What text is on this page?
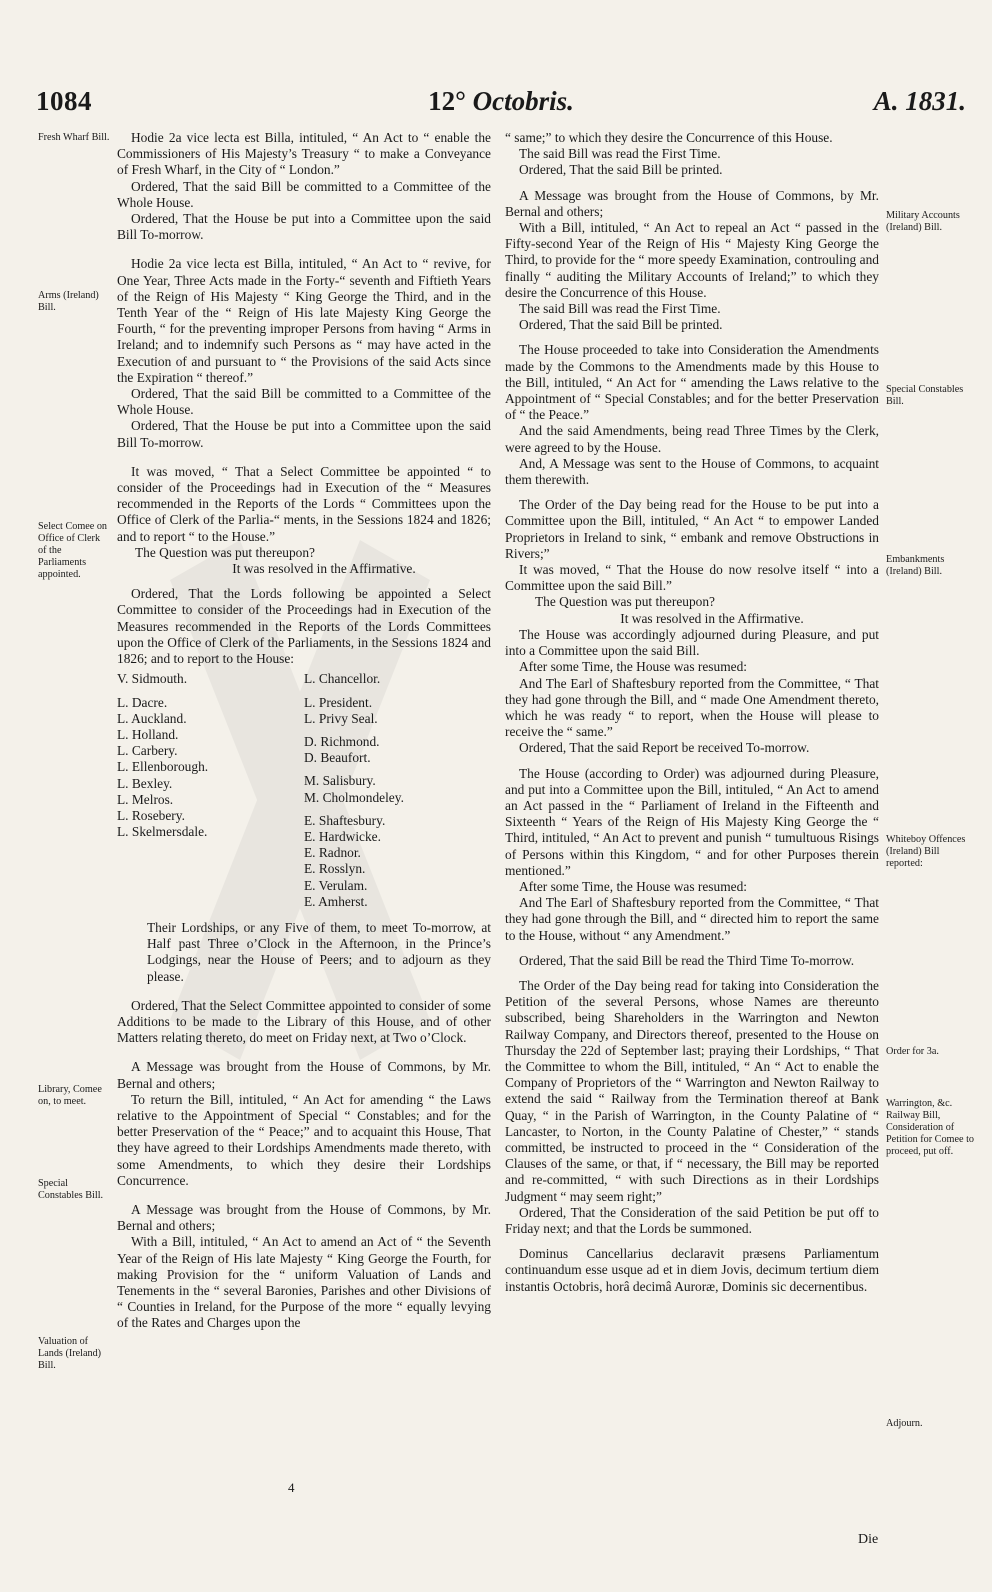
1084	12° Octobris.	A. 1831.
Fresh Wharf Bill.
Arms (Ireland) Bill.
Select Comee on Office of Clerk of the Parliaments appointed.
Library, Comee on, to meet.
Special Constables Bill.
Valuation of Lands (Ireland) Bill.
Military Accounts (Ireland) Bill.
Special Constables Bill.
Embankments (Ireland) Bill.
Whiteboy Offences (Ireland) Bill reported:
Order for 3a.
Warrington, &c. Railway Bill, Consideration of Petition for Comee to proceed, put off.
Adjourn.

Hodie 2a vice lecta est Billa, intituled, “ An Act to “ enable the Commissioners of His Majesty’s Treasury “ to make a Conveyance of Fresh Wharf, in the City of “ London.”

Ordered, That the said Bill be committed to a Committee of the Whole House.

Ordered, That the House be put into a Committee upon the said Bill To-morrow.

Hodie 2a vice lecta est Billa, intituled, “ An Act to “ revive, for One Year, Three Acts made in the Forty-“ seventh and Fiftieth Years of the Reign of His Majesty “ King George the Third, and in the Tenth Year of the “ Reign of His late Majesty King George the Fourth, “ for the preventing improper Persons from having “ Arms in Ireland; and to indemnify such Persons as “ may have acted in the Execution of and pursuant to “ the Provisions of the said Acts since the Expiration “ thereof.”

Ordered, That the said Bill be committed to a Committee of the Whole House.

Ordered, That the House be put into a Committee upon the said Bill To-morrow.

It was moved, “ That a Select Committee be appointed “ to consider of the Proceedings had in Execution of the “ Measures recommended in the Reports of the Lords “ Committees upon the Office of Clerk of the Parlia-“ ments, in the Sessions 1824 and 1826; and to report “ to the House.”

The Question was put thereupon?

It was resolved in the Affirmative.

Ordered, That the Lords following be appointed a Select Committee to consider of the Proceedings had in Execution of the Measures recommended in the Reports of the Lords Committees upon the Office of Clerk of the Parliaments, in the Sessions 1824 and 1826; and to report to the House:

V. Sidmouth.
L. Dacre.
L. Auckland.
L. Holland.
L. Carbery.
L. Ellenborough.
L. Bexley.
L. Melros.
L. Rosebery.
L. Skelmersdale.
L. Chancellor.
L. President.
L. Privy Seal.
D. Richmond.
D. Beaufort.
M. Salisbury.
M. Cholmondeley.
E. Shaftesbury.
E. Hardwicke.
E. Radnor.
E. Rosslyn.
E. Verulam.
E. Amherst.

Their Lordships, or any Five of them, to meet To-morrow, at Half past Three o’Clock in the Afternoon, in the Prince’s Lodgings, near the House of Peers; and to adjourn as they please.

Ordered, That the Select Committee appointed to consider of some Additions to be made to the Library of this House, and of other Matters relating thereto, do meet on Friday next, at Two o’Clock.

A Message was brought from the House of Commons, by Mr. Bernal and others;

To return the Bill, intituled, “ An Act for amending “ the Laws relative to the Appointment of Special “ Constables; and for the better Preservation of the “ Peace;” and to acquaint this House, That they have agreed to their Lordships Amendments made thereto, with some Amendments, to which they desire their Lordships Concurrence.

A Message was brought from the House of Commons, by Mr. Bernal and others;

With a Bill, intituled, “ An Act to amend an Act of “ the Seventh Year of the Reign of His late Majesty “ King George the Fourth, for making Provision for the “ uniform Valuation of Lands and Tenements in the “ several Baronies, Parishes and other Divisions of “ Counties in Ireland, for the Purpose of the more “ equally levying of the Rates and Charges upon the

“ same;” to which they desire the Concurrence of this House.

The said Bill was read the First Time.

Ordered, That the said Bill be printed.

A Message was brought from the House of Commons, by Mr. Bernal and others;

With a Bill, intituled, “ An Act to repeal an Act “ passed in the Fifty-second Year of the Reign of His “ Majesty King George the Third, to provide for the “ more speedy Examination, controuling and finally “ auditing the Military Accounts of Ireland;” to which they desire the Concurrence of this House.

The said Bill was read the First Time.

Ordered, That the said Bill be printed.

The House proceeded to take into Consideration the Amendments made by the Commons to the Amendments made by this House to the Bill, intituled, “ An Act for “ amending the Laws relative to the Appointment of “ Special Constables; and for the better Preservation of “ the Peace.”

And the said Amendments, being read Three Times by the Clerk, were agreed to by the House.

And, A Message was sent to the House of Commons, to acquaint them therewith.

The Order of the Day being read for the House to be put into a Committee upon the Bill, intituled, “ An Act “ to empower Landed Proprietors in Ireland to sink, “ embank and remove Obstructions in Rivers;”

It was moved, “ That the House do now resolve itself “ into a Committee upon the said Bill.”

The Question was put thereupon?

It was resolved in the Affirmative.

The House was accordingly adjourned during Pleasure, and put into a Committee upon the said Bill.

After some Time, the House was resumed:

And The Earl of Shaftesbury reported from the Committee, “ That they had gone through the Bill, and “ made One Amendment thereto, which he was ready “ to report, when the House will please to receive the “ same.”

Ordered, That the said Report be received To-morrow.

The House (according to Order) was adjourned during Pleasure, and put into a Committee upon the Bill, intituled, “ An Act to amend an Act passed in the “ Parliament of Ireland in the Fifteenth and Sixteenth “ Years of the Reign of His Majesty King George the “ Third, intituled, “ An Act to prevent and punish “ tumultuous Risings of Persons within this Kingdom, “ and for other Purposes therein mentioned.”

After some Time, the House was resumed:

And The Earl of Shaftesbury reported from the Committee, “ That they had gone through the Bill, and “ directed him to report the same to the House, without “ any Amendment.”

Ordered, That the said Bill be read the Third Time To-morrow.

The Order of the Day being read for taking into Consideration the Petition of the several Persons, whose Names are thereunto subscribed, being Shareholders in the Warrington and Newton Railway Company, and Directors thereof, presented to the House on Thursday the 22d of September last; praying their Lordships, “ That the Committee to whom the Bill, intituled, “ An “ Act to enable the Company of Proprietors of the “ Warrington and Newton Railway to extend the said “ Railway from the Termination thereof at Bank Quay, “ in the Parish of Warrington, in the County Palatine of “ Lancaster, to Norton, in the County Palatine of Chester,” “ stands committed, be instructed to proceed in the “ Consideration of the Clauses of the same, or that, if “ necessary, the Bill may be reported and re-committed, “ with such Directions as in their Lordships Judgment “ may seem right;”

Ordered, That the Consideration of the said Petition be put off to Friday next; and that the Lords be summoned.

Dominus Cancellarius declaravit præsens Parliamentum continuandum esse usque ad et in diem Jovis, decimum tertium diem instantis Octobris, horâ decimâ Auroræ, Dominis sic decernentibus.

4
Die
